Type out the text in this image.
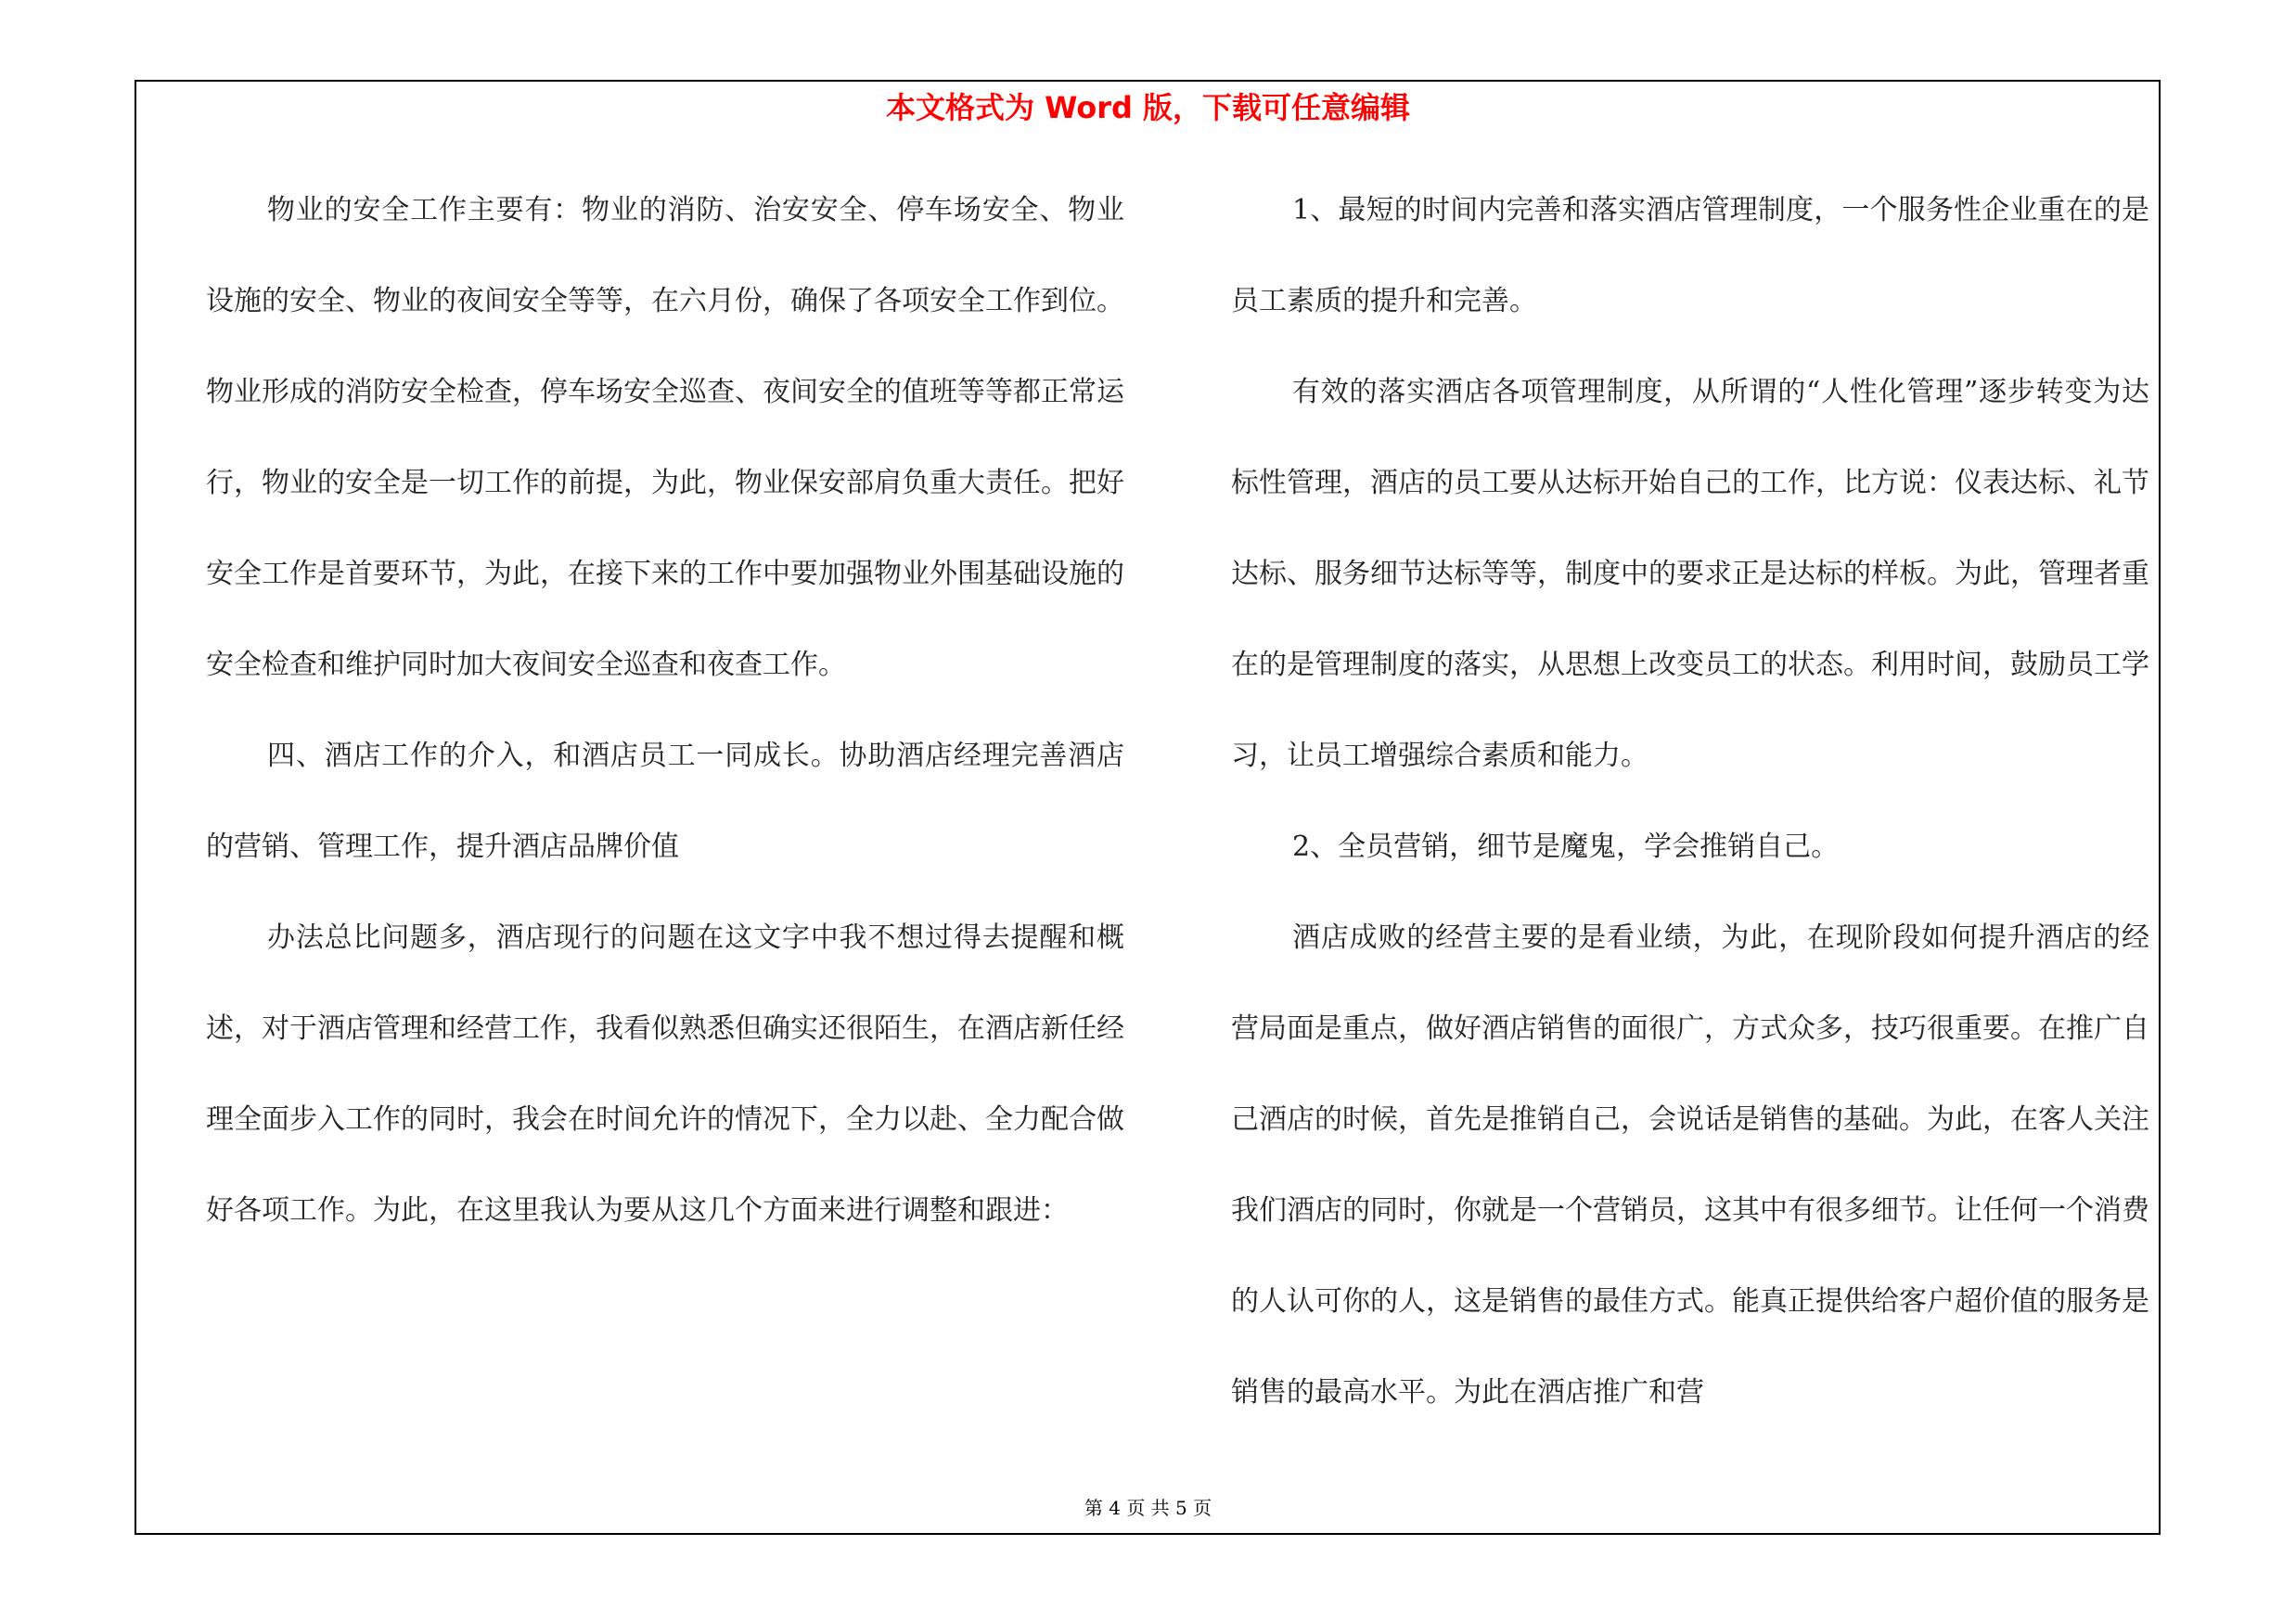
本文格式为 Word 版，下载可任意编辑

物业的安全工作主要有：物业的消防、治安安全、停车场安全、物业设施的安全、物业的夜间安全等等，在六月份，确保了各项安全工作到位。物业形成的消防安全检查，停车场安全巡查、夜间安全的值班等等都正常运行，物业的安全是一切工作的前提，为此，物业保安部肩负重大责任。把好安全工作是首要环节，为此，在接下来的工作中要加强物业外围基础设施的安全检查和维护同时加大夜间安全巡查和夜查工作。

四、酒店工作的介入，和酒店员工一同成长。协助酒店经理完善酒店的营销、管理工作，提升酒店品牌价值

办法总比问题多，酒店现行的问题在这文字中我不想过得去提醒和概述，对于酒店管理和经营工作，我看似熟悉但确实还很陌生，在酒店新任经理全面步入工作的同时，我会在时间允许的情况下，全力以赴、全力配合做好各项工作。为此，在这里我认为要从这几个方面来进行调整和跟进：

1、最短的时间内完善和落实酒店管理制度，一个服务性企业重在的是员工素质的提升和完善。

有效的落实酒店各项管理制度，从所谓的“人性化管理”逐步转变为达标性管理，酒店的员工要从达标开始自己的工作，比方说：仪表达标、礼节达标、服务细节达标等等，制度中的要求正是达标的样板。为此，管理者重在的是管理制度的落实，从思想上改变员工的状态。利用时间，鼓励员工学习，让员工增强综合素质和能力。

2、全员营销，细节是魔鬼，学会推销自己。

酒店成败的经营主要的是看业绩，为此，在现阶段如何提升酒店的经营局面是重点，做好酒店销售的面很广，方式众多，技巧很重要。在推广自己酒店的时候，首先是推销自己，会说话是销售的基础。为此，在客人关注我们酒店的同时，你就是一个营销员，这其中有很多细节。让任何一个消费的人认可你的人，这是销售的最佳方式。能真正提供给客户超价值的服务是销售的最高水平。为此在酒店推广和营

第 4 页 共 5 页
